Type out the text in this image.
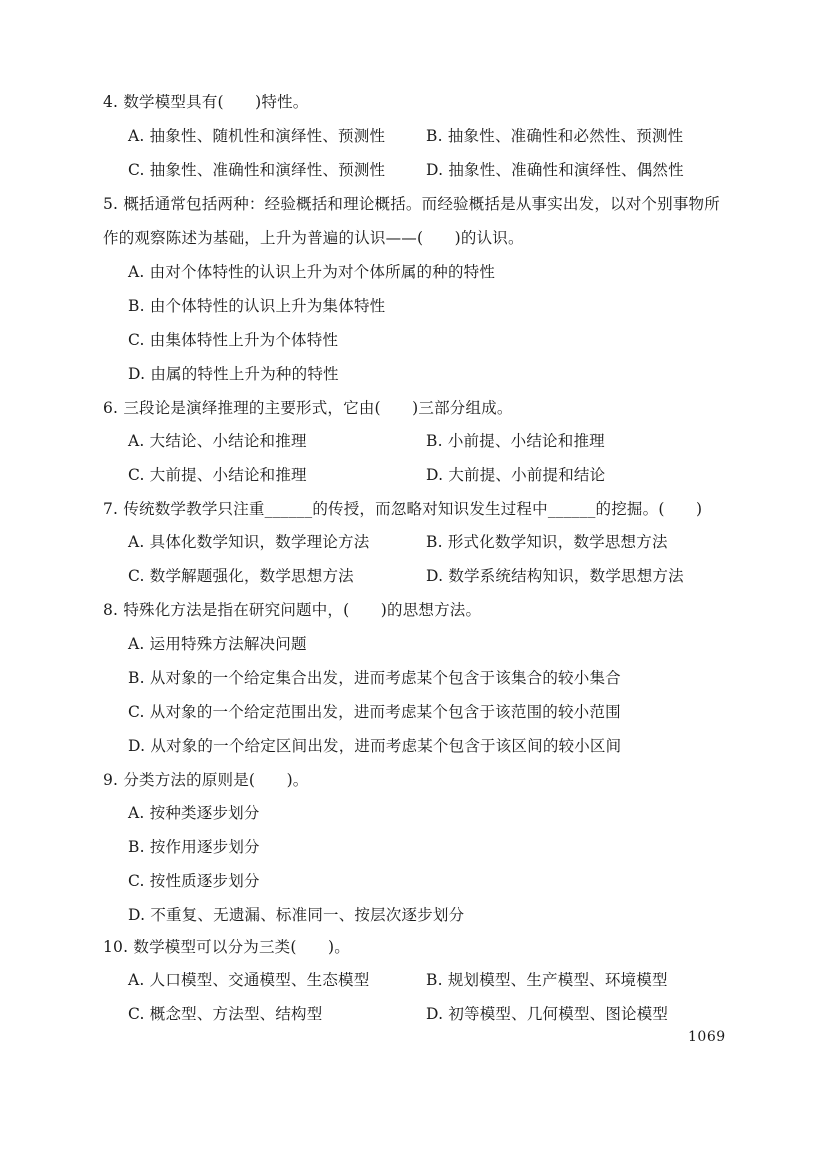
4. 数学模型具有(　　)特性。
A. 抽象性、随机性和演绎性、预测性	B. 抽象性、准确性和必然性、预测性
C. 抽象性、准确性和演绎性、预测性	D. 抽象性、准确性和演绎性、偶然性
5. 概括通常包括两种：经验概括和理论概括。而经验概括是从事实出发，以对个别事物所
作的观察陈述为基础，上升为普遍的认识——(　　)的认识。
A. 由对个体特性的认识上升为对个体所属的种的特性
B. 由个体特性的认识上升为集体特性
C. 由集体特性上升为个体特性
D. 由属的特性上升为种的特性
6. 三段论是演绎推理的主要形式，它由(　　)三部分组成。
A. 大结论、小结论和推理	B. 小前提、小结论和推理
C. 大前提、小结论和推理	D. 大前提、小前提和结论
7. 传统数学教学只注重______的传授，而忽略对知识发生过程中______的挖掘。(　　)
A. 具体化数学知识，数学理论方法	B. 形式化数学知识，数学思想方法
C. 数学解题强化，数学思想方法	D. 数学系统结构知识，数学思想方法
8. 特殊化方法是指在研究问题中，(　　)的思想方法。
A. 运用特殊方法解决问题
B. 从对象的一个给定集合出发，进而考虑某个包含于该集合的较小集合
C. 从对象的一个给定范围出发，进而考虑某个包含于该范围的较小范围
D. 从对象的一个给定区间出发，进而考虑某个包含于该区间的较小区间
9. 分类方法的原则是(　　)。
A. 按种类逐步划分
B. 按作用逐步划分
C. 按性质逐步划分
D. 不重复、无遗漏、标准同一、按层次逐步划分
10. 数学模型可以分为三类(　　)。
A. 人口模型、交通模型、生态模型	B. 规划模型、生产模型、环境模型
C. 概念型、方法型、结构型	D. 初等模型、几何模型、图论模型
1069
